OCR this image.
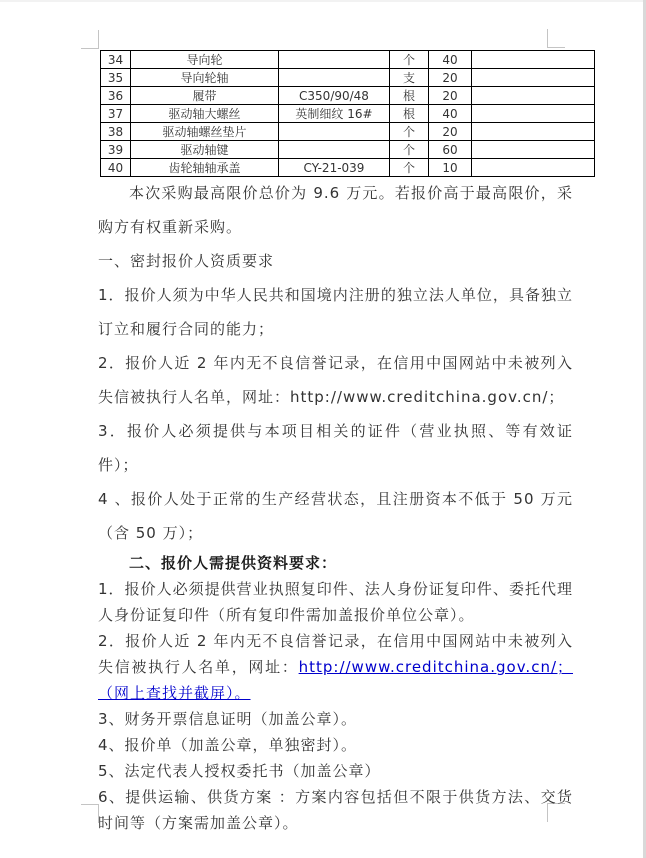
34	导向轮		个	40	
35	导向轮轴		支	20	
36	履带	C350/90/48	根	20	
37	驱动轴大螺丝	英制细纹 16#	根	40	
38	驱动轴螺丝垫片		个	20	
39	驱动轴键		个	60	
40	齿轮轴轴承盖	CY-21-039	个	10	

本次采购最高限价总价为 9.6 万元。若报价高于最高限价，采购方有权重新采购。

一、密封报价人资质要求

1．报价人须为中华人民共和国境内注册的独立法人单位，具备独立订立和履行合同的能力；

2．报价人近 2 年内无不良信誉记录，在信用中国网站中未被列入失信被执行人名单，网址：http://www.creditchina.gov.cn/；

3．报价人必须提供与本项目相关的证件（营业执照、等有效证件）；

4 、报价人处于正常的生产经营状态，且注册资本不低于 50 万元（含 50 万）；

二、报价人需提供资料要求：

1．报价人必须提供营业执照复印件、法人身份证复印件、委托代理人身份证复印件（所有复印件需加盖报价单位公章）。

2．报价人近 2 年内无不良信誉记录，在信用中国网站中未被列入失信被执行人名单，网址：http://www.creditchina.gov.cn/；（网上查找并截屏）。

3、财务开票信息证明（加盖公章）。

4、报价单（加盖公章，单独密封）。

5、法定代表人授权委托书（加盖公章）

6、提供运输、供货方案 ：方案内容包括但不限于供货方法、交货时间等（方案需加盖公章）。
